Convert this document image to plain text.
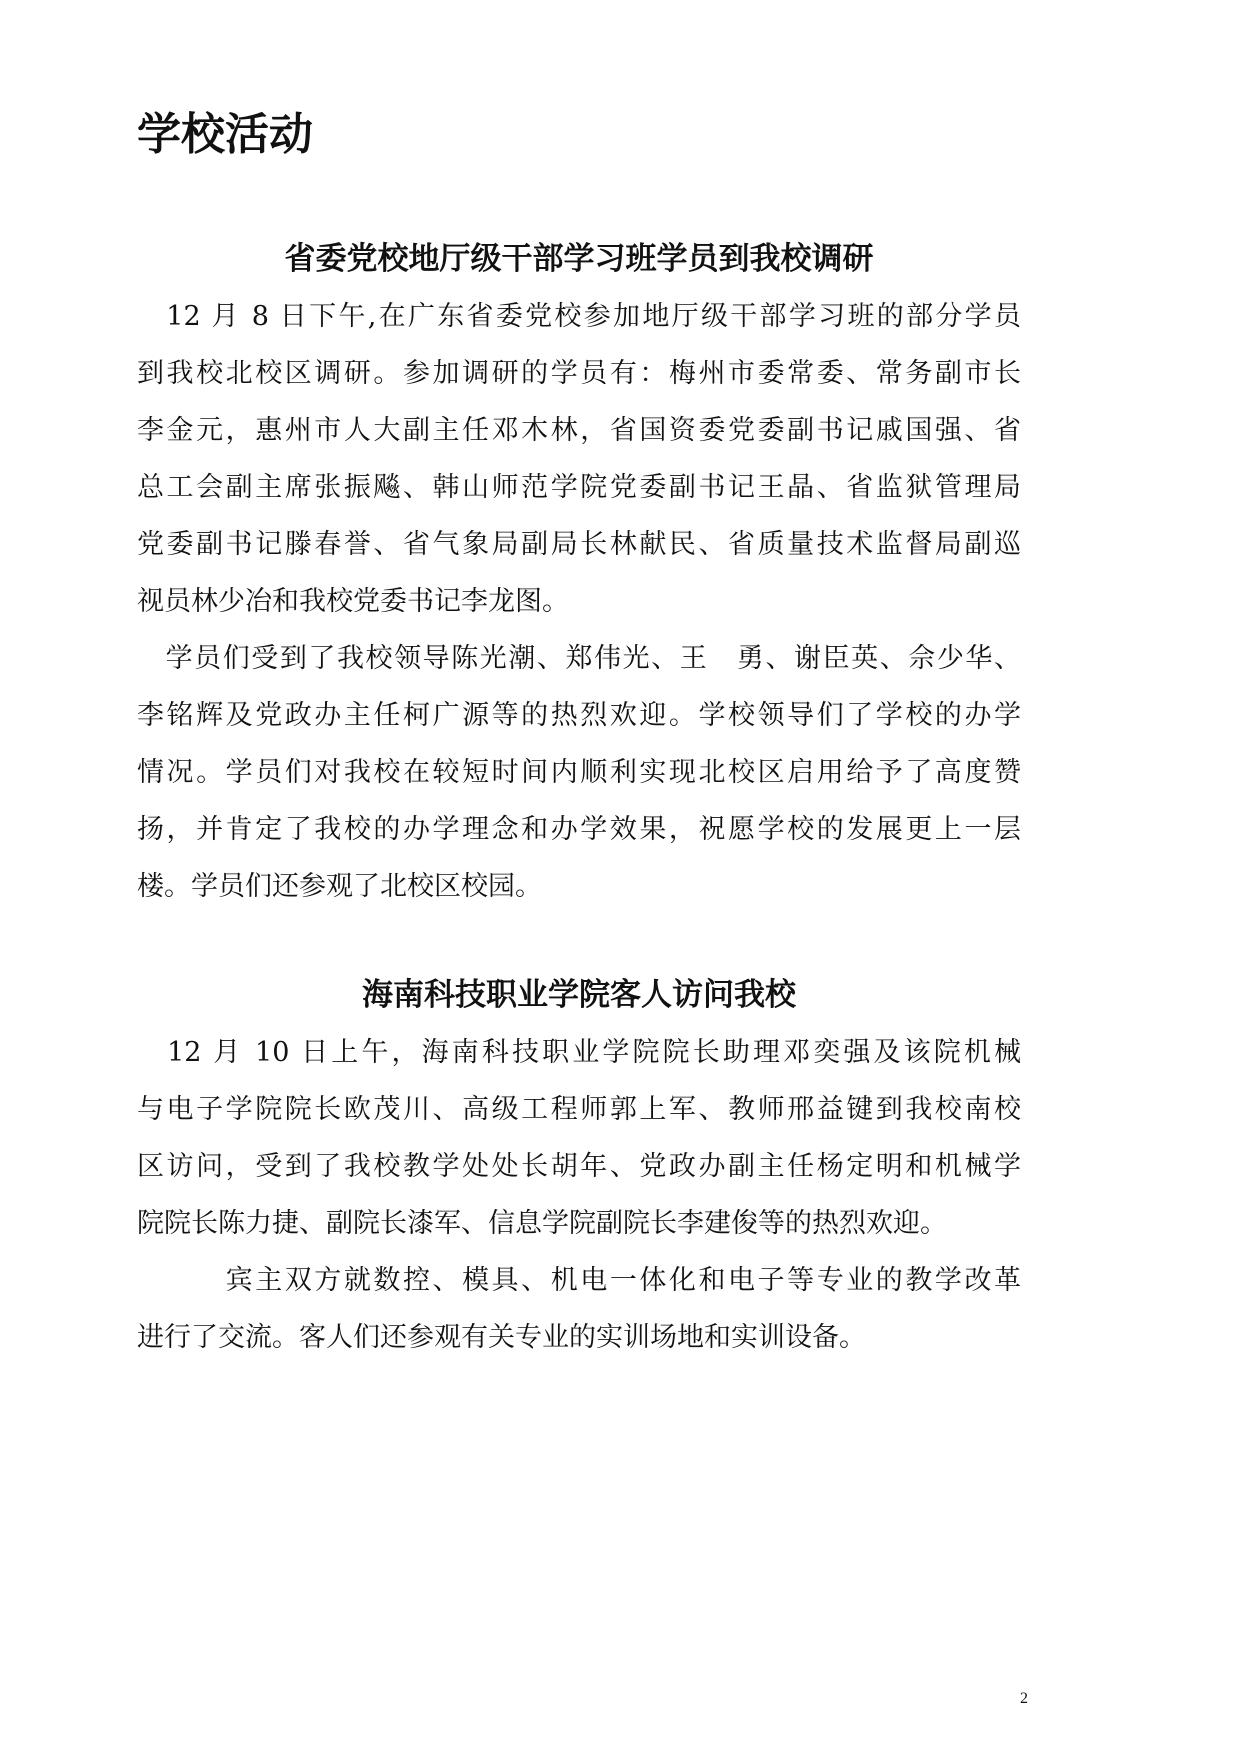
学校活动
省委党校地厅级干部学习班学员到我校调研

　12 月 8 日下午,在广东省委党校参加地厅级干部学习班的部分学员
到我校北校区调研。参加调研的学员有：梅州市委常委、常务副市长
李金元，惠州市人大副主任邓木林，省国资委党委副书记戚国强、省
总工会副主席张振飚、韩山师范学院党委副书记王晶、省监狱管理局
党委副书记滕春誉、省气象局副局长林献民、省质量技术监督局副巡
视员林少冶和我校党委书记李龙图。

　学员们受到了我校领导陈光潮、郑伟光、王　勇、谢臣英、佘少华、
李铭辉及党政办主任柯广源等的热烈欢迎。学校领导们了学校的办学
情况。学员们对我校在较短时间内顺利实现北校区启用给予了高度赞
扬，并肯定了我校的办学理念和办学效果，祝愿学校的发展更上一层
楼。学员们还参观了北校区校园。

海南科技职业学院客人访问我校

　12 月 10 日上午，海南科技职业学院院长助理邓奕强及该院机械
与电子学院院长欧茂川、高级工程师郭上军、教师邢益键到我校南校
区访问，受到了我校教学处处长胡年、党政办副主任杨定明和机械学
院院长陈力捷、副院长漆军、信息学院副院长李建俊等的热烈欢迎。

　　　宾主双方就数控、模具、机电一体化和电子等专业的教学改革
进行了交流。客人们还参观有关专业的实训场地和实训设备。

2
